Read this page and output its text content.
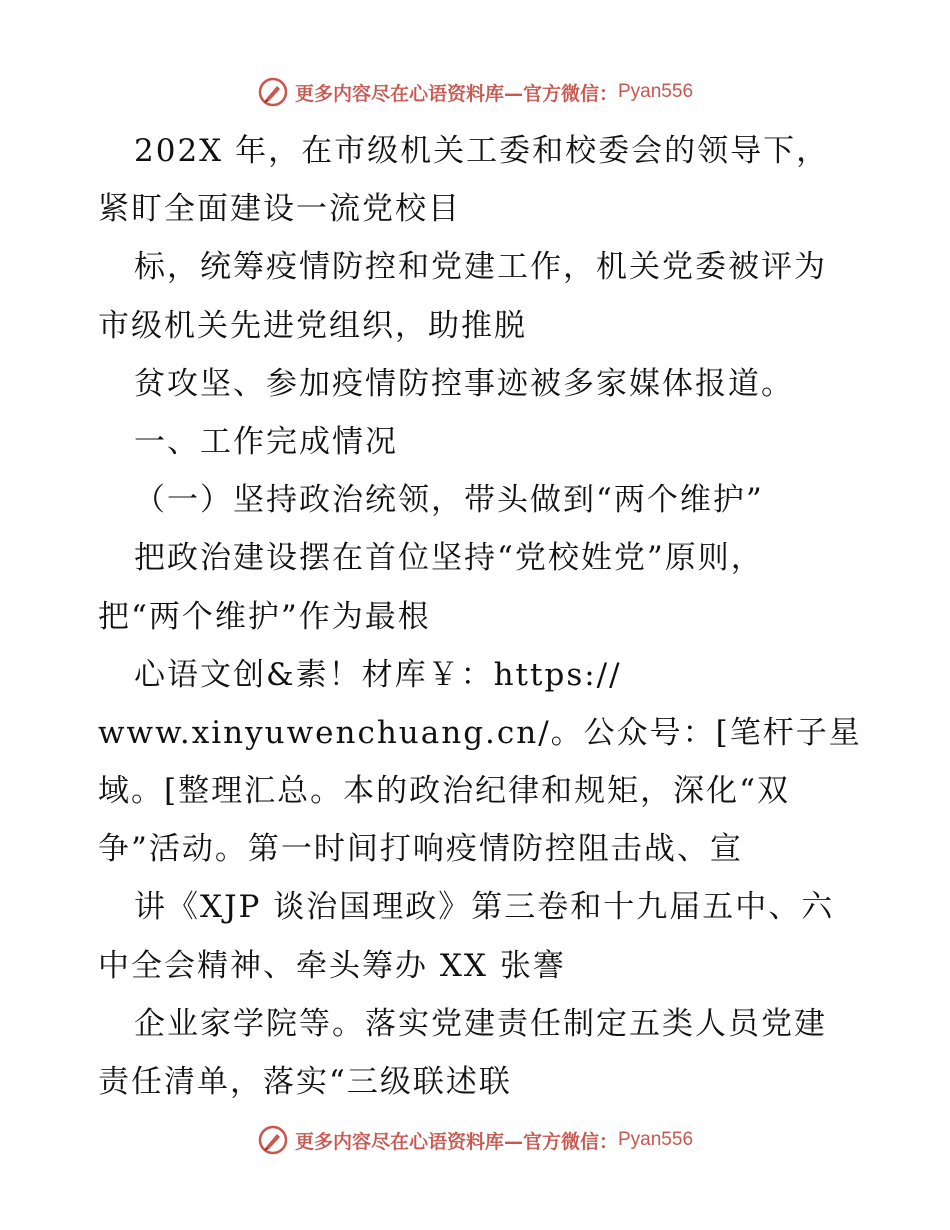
更多内容尽在心语资料库—官方微信： Pyan556
202X 年，在市级机关工委和校委会的领导下，
紧盯全面建设一流党校目
标，统筹疫情防控和党建工作，机关党委被评为
市级机关先进党组织，助推脱
贫攻坚、参加疫情防控事迹被多家媒体报道。
一、工作完成情况
（一）坚持政治统领，带头做到“两个维护”
把政治建设摆在首位坚持“党校姓党”原则，
把“两个维护”作为最根
心语文创&素！材库￥：https://
www.xinyuwenchuang.cn/。公众号：[笔杆子星
域。[整理汇总。本的政治纪律和规矩，深化“双
争”活动。第一时间打响疫情防控阻击战、宣
讲《XJP 谈治国理政》第三卷和十九届五中、六
中全会精神、牵头筹办 XX 张謇
企业家学院等。落实党建责任制定五类人员党建
责任清单，落实“三级联述联
更多内容尽在心语资料库—官方微信： Pyan556
